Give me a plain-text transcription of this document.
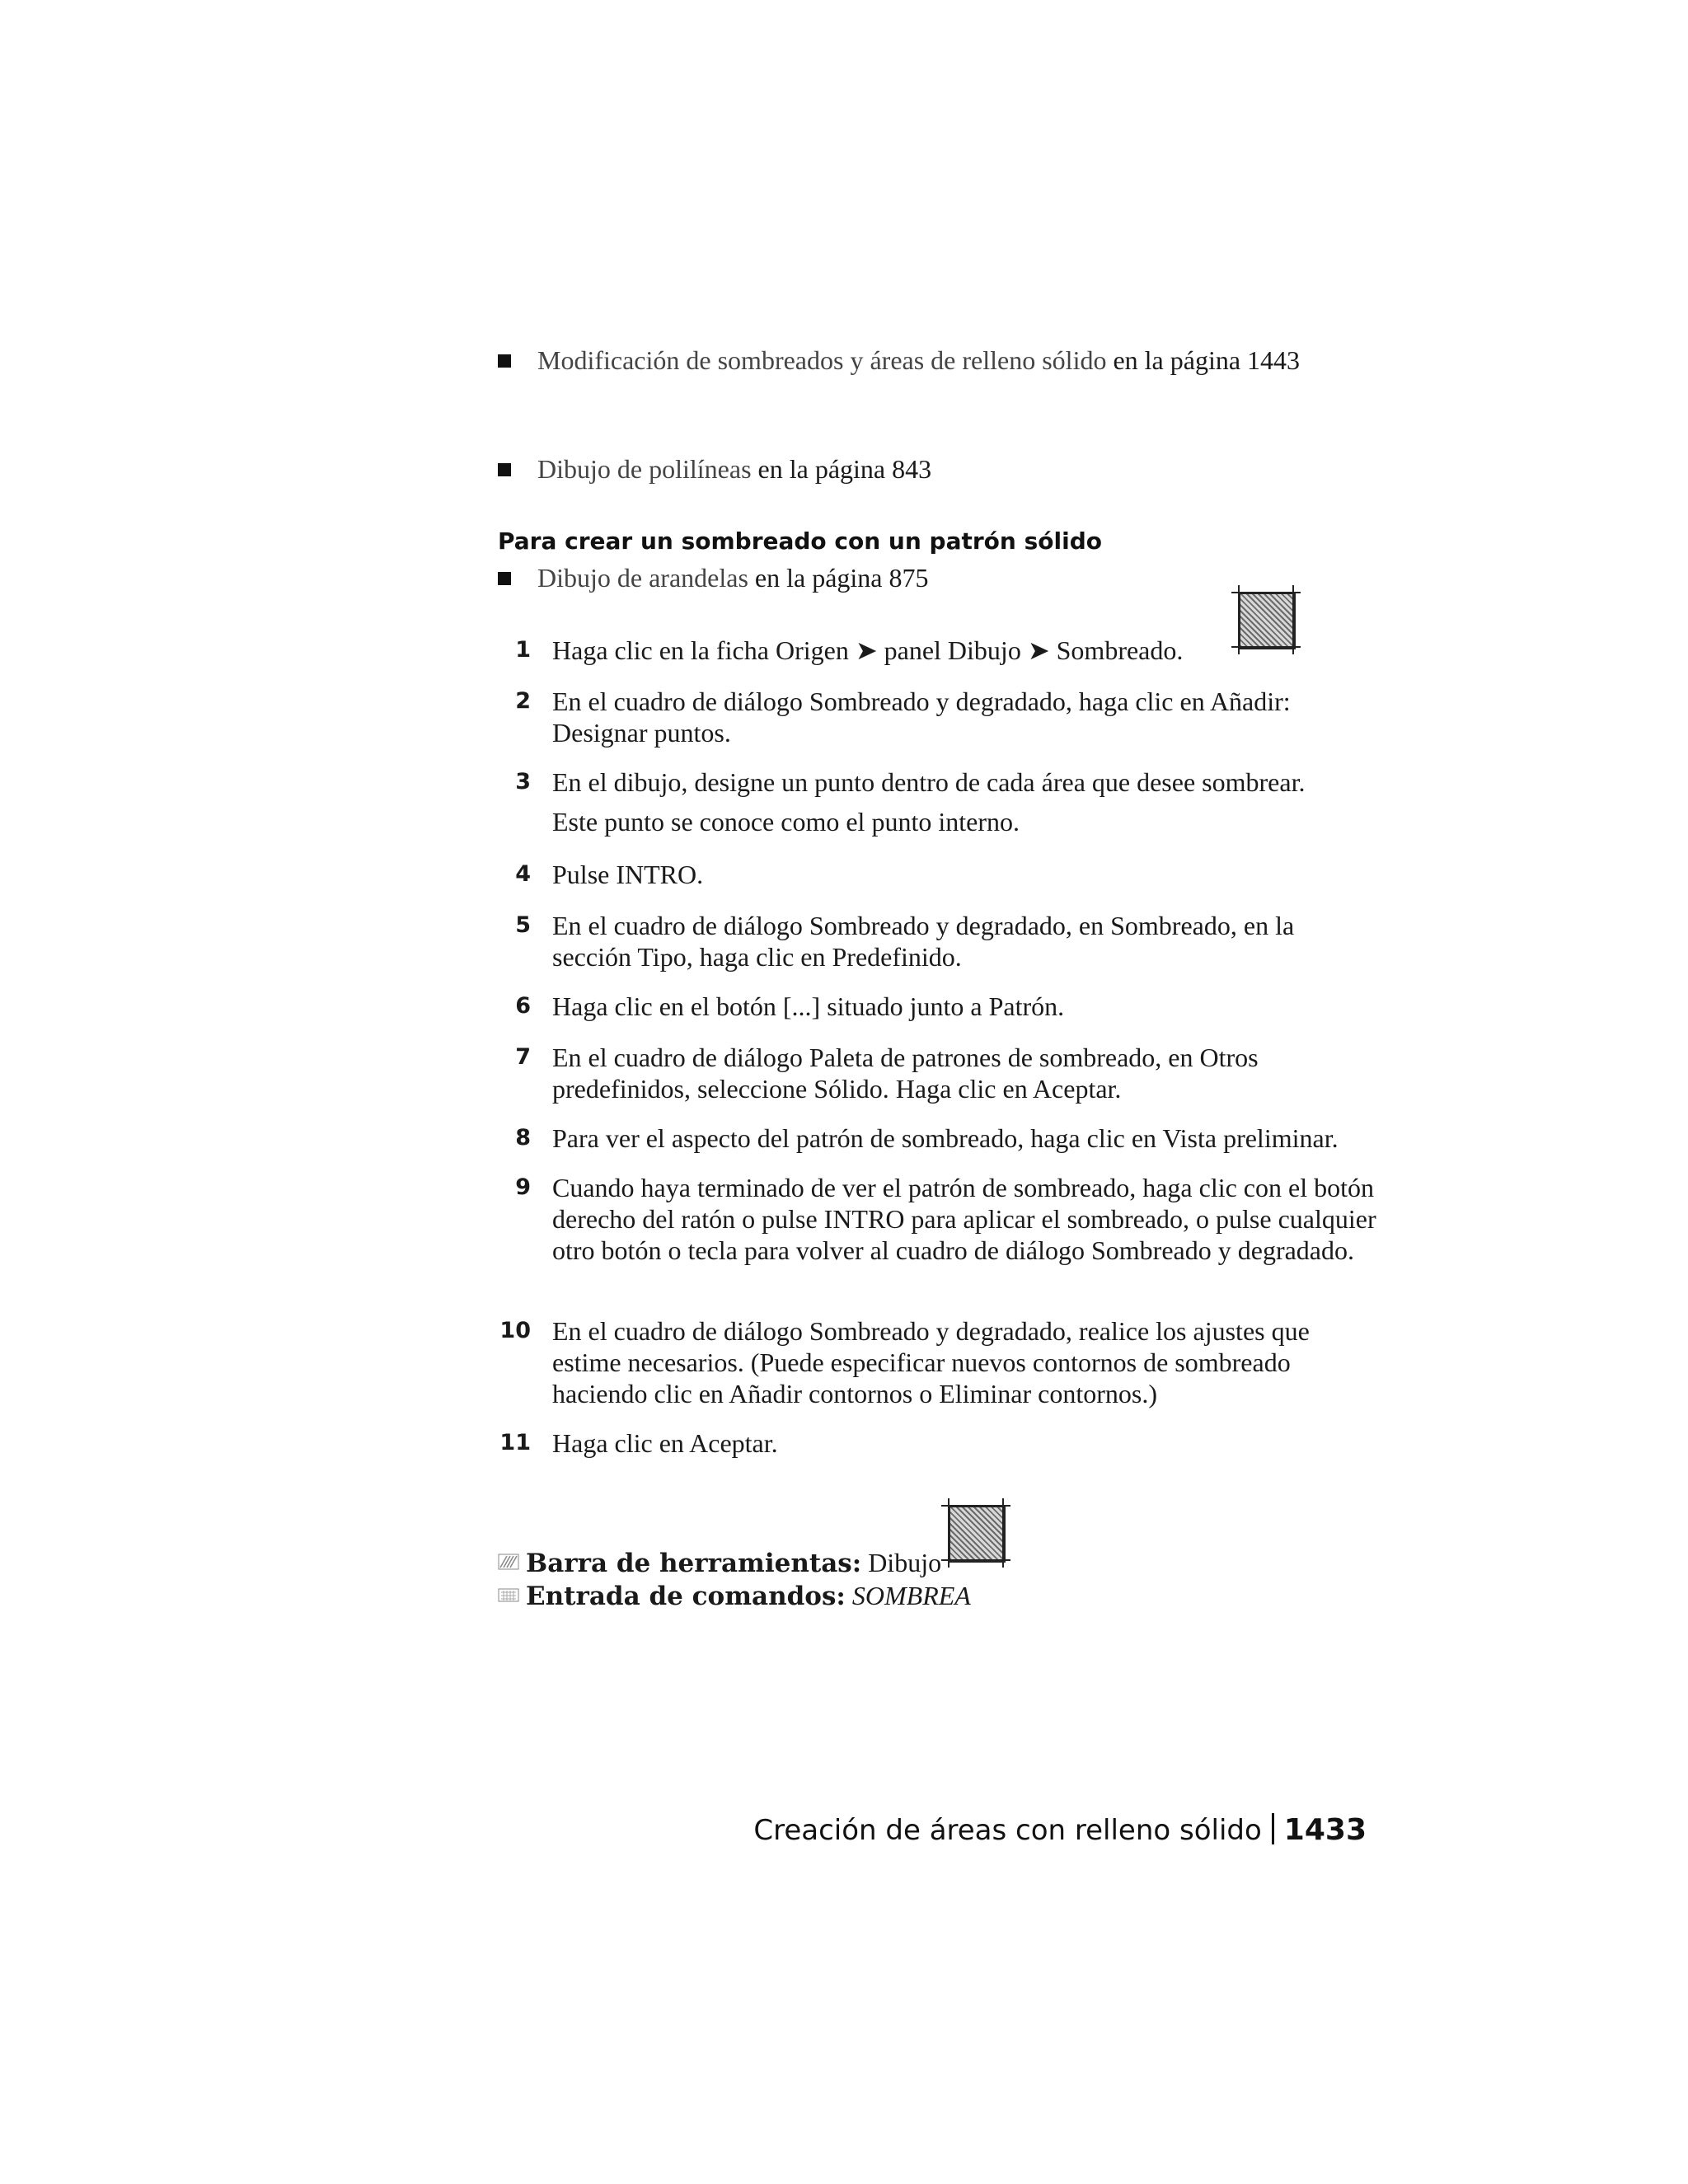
Modificación de sombreados y áreas de relleno sólido en la página 1443
Dibujo de polilíneas en la página 843
Dibujo de arandelas en la página 875
Para crear un sombreado con un patrón sólido
1 Haga clic en la ficha Origen ➤ panel Dibujo ➤ Sombreado.
2 En el cuadro de diálogo Sombreado y degradado, haga clic en Añadir: Designar puntos.
3 En el dibujo, designe un punto dentro de cada área que desee sombrear.
Este punto se conoce como el punto interno.
4 Pulse INTRO.
5 En el cuadro de diálogo Sombreado y degradado, en Sombreado, en la sección Tipo, haga clic en Predefinido.
6 Haga clic en el botón [...] situado junto a Patrón.
7 En el cuadro de diálogo Paleta de patrones de sombreado, en Otros predefinidos, seleccione Sólido. Haga clic en Aceptar.
8 Para ver el aspecto del patrón de sombreado, haga clic en Vista preliminar.
9 Cuando haya terminado de ver el patrón de sombreado, haga clic con el botón derecho del ratón o pulse INTRO para aplicar el sombreado, o pulse cualquier otro botón o tecla para volver al cuadro de diálogo Sombreado y degradado.
10 En el cuadro de diálogo Sombreado y degradado, realice los ajustes que estime necesarios. (Puede especificar nuevos contornos de sombreado haciendo clic en Añadir contornos o Eliminar contornos.)
11 Haga clic en Aceptar.
Barra de herramientas: Dibujo
Entrada de comandos: SOMBREA
Creación de áreas con relleno sólido 1433
